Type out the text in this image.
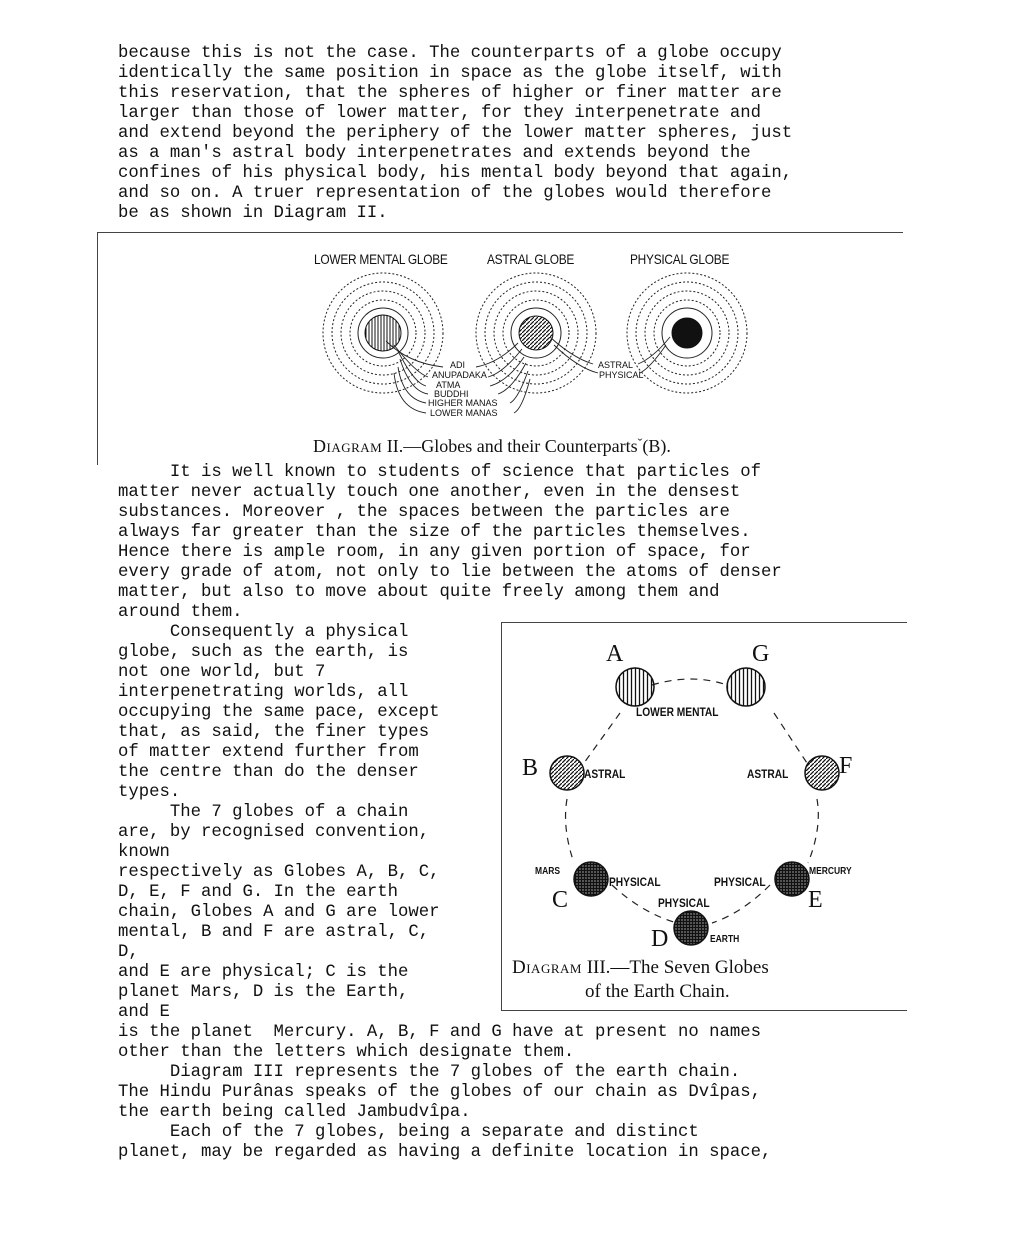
because this is not the case. The counterparts of a globe occupy
identically the same position in space as the globe itself, with
this reservation, that the spheres of higher or finer matter are
larger than those of lower matter, for they interpenetrate and
and extend beyond the periphery of the lower matter spheres, just
as a man's astral body interpenetrates and extends beyond the
confines of his physical body, his mental body beyond that again,
and so on. A truer representation of the globes would therefore
be as shown in Diagram II.
LOWER MENTAL GLOBE	ASTRAL GLOBE	PHYSICAL GLOBE
ADI
ANUPADAKA
ATMA
BUDDHI
HIGHER MANAS
LOWER MANAS
ASTRAL
PHYSICAL
Diagram II.—Globes and their Counterparts$^ˇ$(B).
It is well known to students of science that particles of
matter never actually touch one another, even in the densest
substances. Moreover , the spaces between the particles are
always far greater than the size of the particles themselves.
Hence there is ample room, in any given portion of space, for
every grade of atom, not only to lie between the atoms of denser
matter, but also to move about quite freely among them and
around them.
Consequently a physical
globe, such as the earth, is
not one world, but 7
interpenetrating worlds, all
occupying the same pace, except
that, as said, the finer types
of matter extend further from
the centre than do the denser
types.
The 7 globes of a chain
are, by recognised convention,
known
respectively as Globes A, B, C,
D, E, F and G. In the earth
chain, Globes A and G are lower
mental, B and F are astral, C,
D,
and E are physical; C is the
planet Mars, D is the Earth,
and E
A	G
B	F
C	E
D
LOWER MENTAL
ASTRAL	ASTRAL
PHYSICAL	PHYSICAL
PHYSICAL
MARS	MERCURY
EARTH
Diagram III.—The Seven Globes
of the Earth Chain.
is the planet  Mercury. A, B, F and G have at present no names
other than the letters which designate them.
Diagram III represents the 7 globes of the earth chain.
The Hindu Purânas speaks of the globes of our chain as Dvîpas,
the earth being called Jambudvîpa.
Each of the 7 globes, being a separate and distinct
planet, may be regarded as having a definite location in space,
